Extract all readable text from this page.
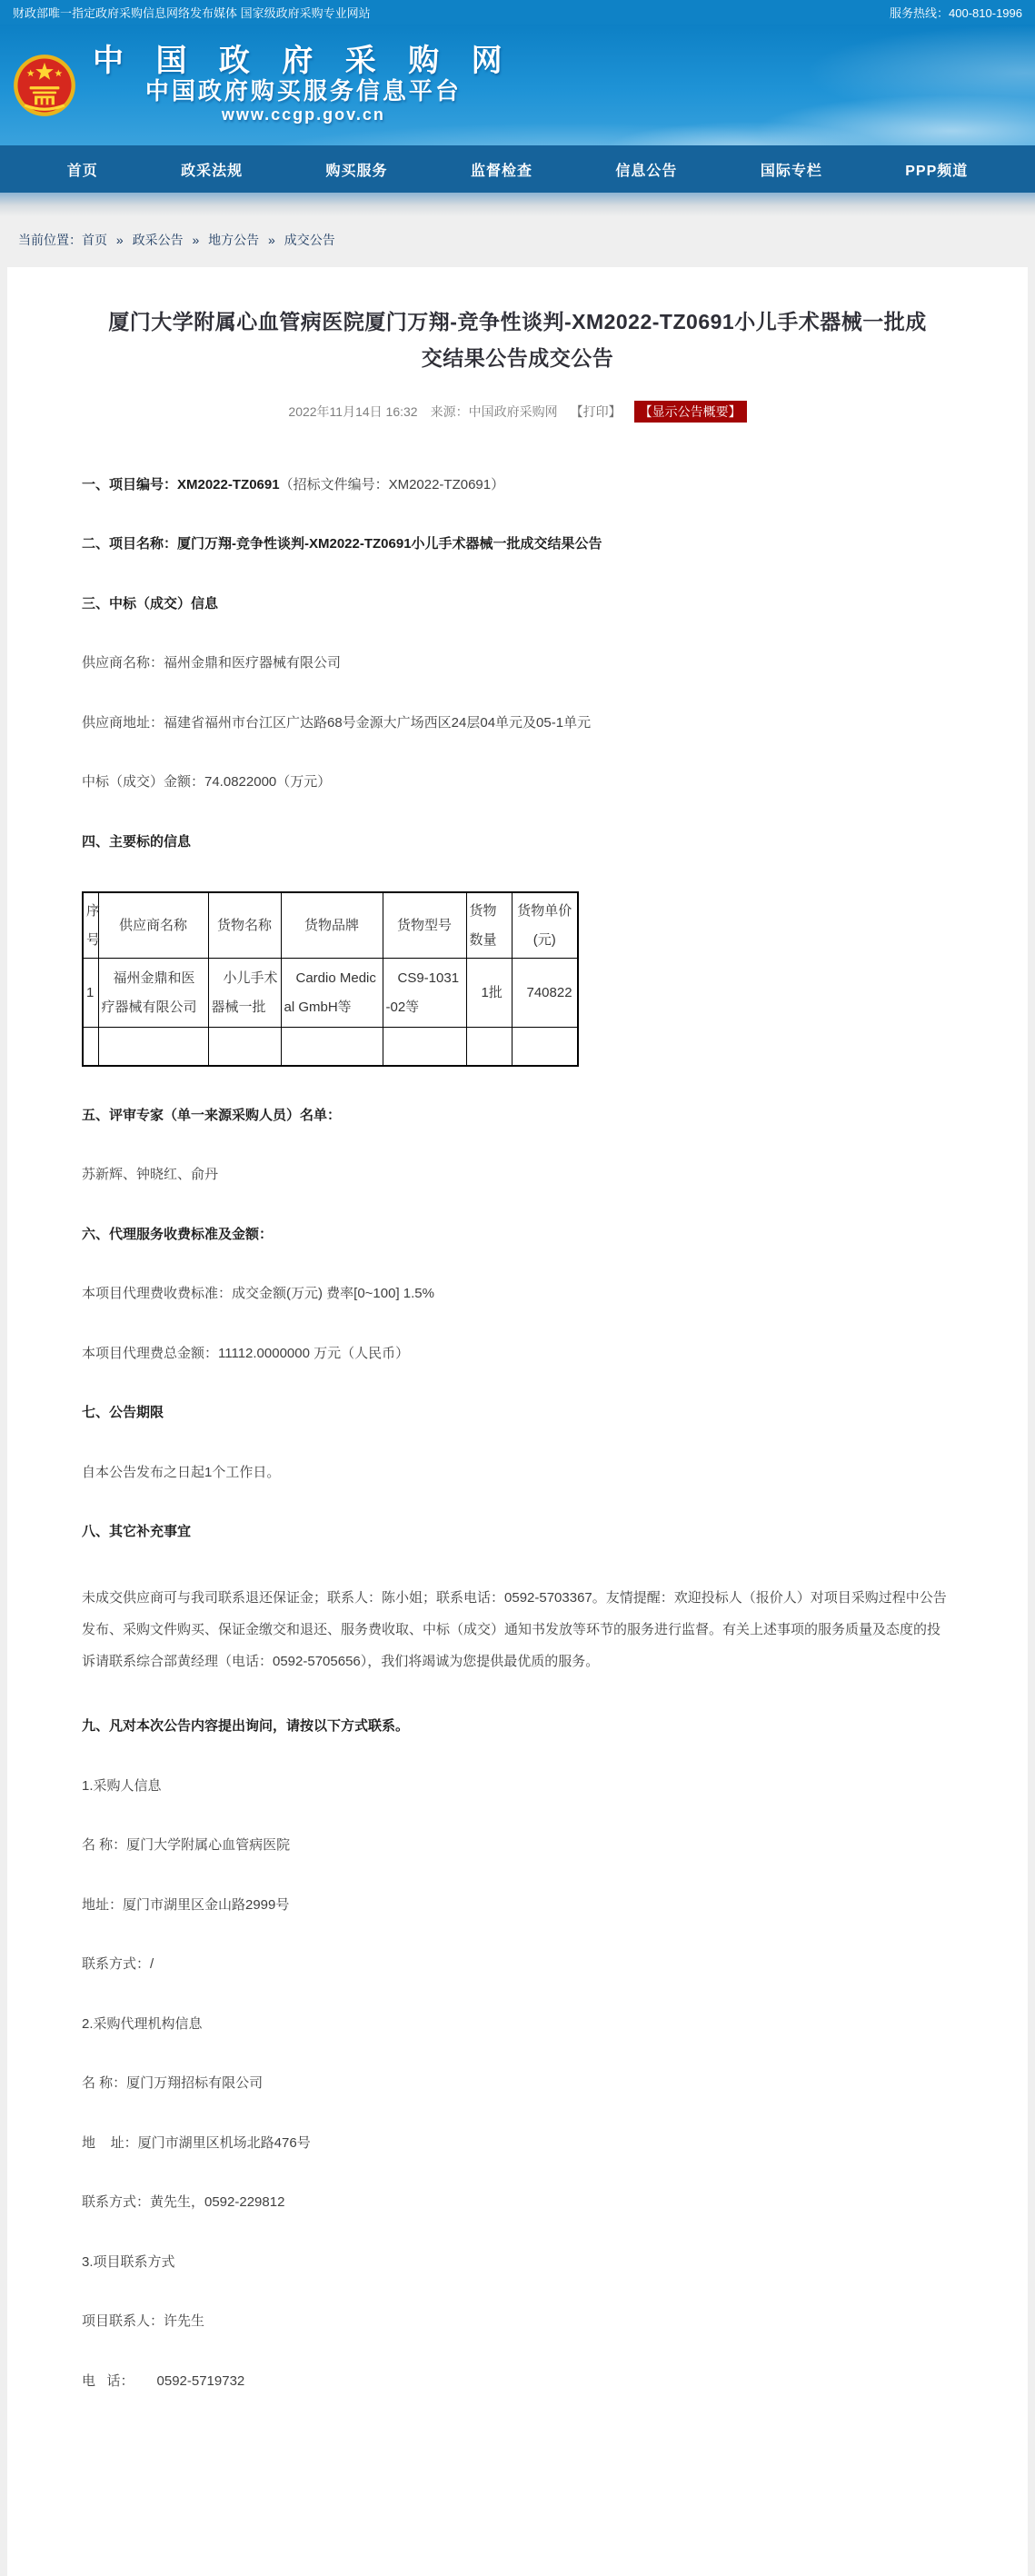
财政部唯一指定政府采购信息网络发布媒体 国家级政府采购专业网站	服务热线：400-810-1996
中 国 政 府 采 购 网
中国政府购买服务信息平台
www.ccgp.gov.cn
首页	政采法规	购买服务	监督检查	信息公告	国际专栏	PPP频道
当前位置：首页 » 政采公告 » 地方公告 » 成交公告
厦门大学附属心血管病医院厦门万翔-竞争性谈判-XM2022-TZ0691小儿手术器械一批成交结果公告成交公告
2022年11月14日 16:32 来源：中国政府采购网 【打印】	【显示公告概要】

一、项目编号：XM2022-TZ0691（招标文件编号：XM2022-TZ0691）

二、项目名称：厦门万翔-竞争性谈判-XM2022-TZ0691小儿手术器械一批成交结果公告

三、中标（成交）信息

供应商名称：福州金鼎和医疗器械有限公司

供应商地址：福建省福州市台江区广达路68号金源大广场西区24层04单元及05-1单元

中标（成交）金额：74.0822000（万元）

四、主要标的信息

序号	供应商名称	货物名称	货物品牌	货物型号	货物数量	货物单价(元)
1	福州金鼎和医疗器械有限公司	小儿手术器械一批	Cardio Medical GmbH等	CS9-1031-02等	1批	740822

五、评审专家（单一来源采购人员）名单：

苏新辉、钟晓红、俞丹

六、代理服务收费标准及金额：

本项目代理费收费标准：成交金额(万元) 费率[0~100] 1.5%

本项目代理费总金额：11112.0000000 万元（人民币）

七、公告期限

自本公告发布之日起1个工作日。

八、其它补充事宜

未成交供应商可与我司联系退还保证金；联系人：陈小姐；联系电话：0592-5703367。友情提醒：欢迎投标人（报价人）对项目采购过程中公告发布、采购文件购买、保证金缴交和退还、服务费收取、中标（成交）通知书发放等环节的服务进行监督。有关上述事项的服务质量及态度的投诉请联系综合部黄经理（电话：0592-5705656），我们将竭诚为您提供最优质的服务。

九、凡对本次公告内容提出询问，请按以下方式联系。

1.采购人信息

名 称：厦门大学附属心血管病医院

地址：厦门市湖里区金山路2999号

联系方式：/

2.采购代理机构信息

名 称：厦门万翔招标有限公司

地    址：厦门市湖里区机场北路476号

联系方式：黄先生，0592-229812

3.项目联系方式

项目联系人：许先生

电   话：      0592-5719732
